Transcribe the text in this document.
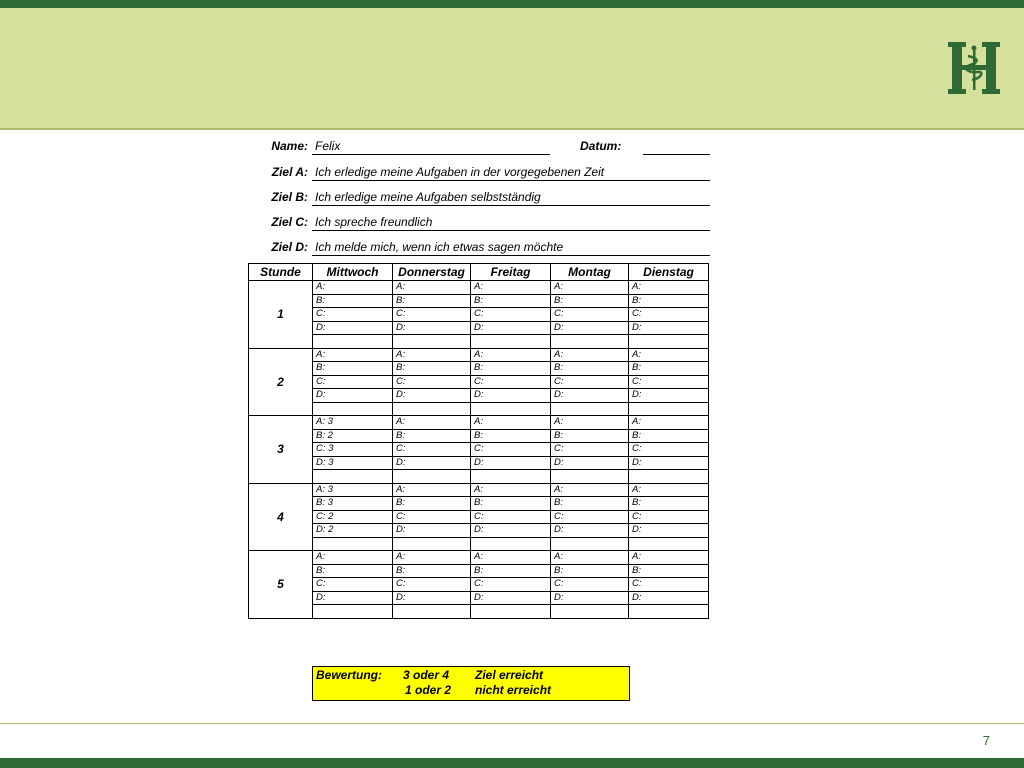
Name: Felix	Datum:
Ziel A: Ich erledige meine Aufgaben in der vorgegebenen Zeit
Ziel B: Ich erledige meine Aufgaben selbstständig
Ziel C: Ich spreche freundlich
Ziel D: Ich melde mich, wenn ich etwas sagen möchte
Stunde	Mittwoch	Donnerstag	Freitag	Montag	Dienstag
1	A:	A:	A:	A:	A:
	B:	B:	B:	B:	B:
	C:	C:	C:	C:	C:
	D:	D:	D:	D:	D:

2	A:	A:	A:	A:	A:
	B:	B:	B:	B:	B:
	C:	C:	C:	C:	C:
	D:	D:	D:	D:	D:

3	A: 3	A:	A:	A:	A:
	B: 2	B:	B:	B:	B:
	C: 3	C:	C:	C:	C:
	D: 3	D:	D:	D:	D:

4	A: 3	A:	A:	A:	A:
	B: 3	B:	B:	B:	B:
	C: 2	C:	C:	C:	C:
	D: 2	D:	D:	D:	D:

5	A:	A:	A:	A:	A:
	B:	B:	B:	B:	B:
	C:	C:	C:	C:	C:
	D:	D:	D:	D:	D:

Bewertung: 3 oder 4 Ziel erreicht
1 oder 2 nicht erreicht
7
